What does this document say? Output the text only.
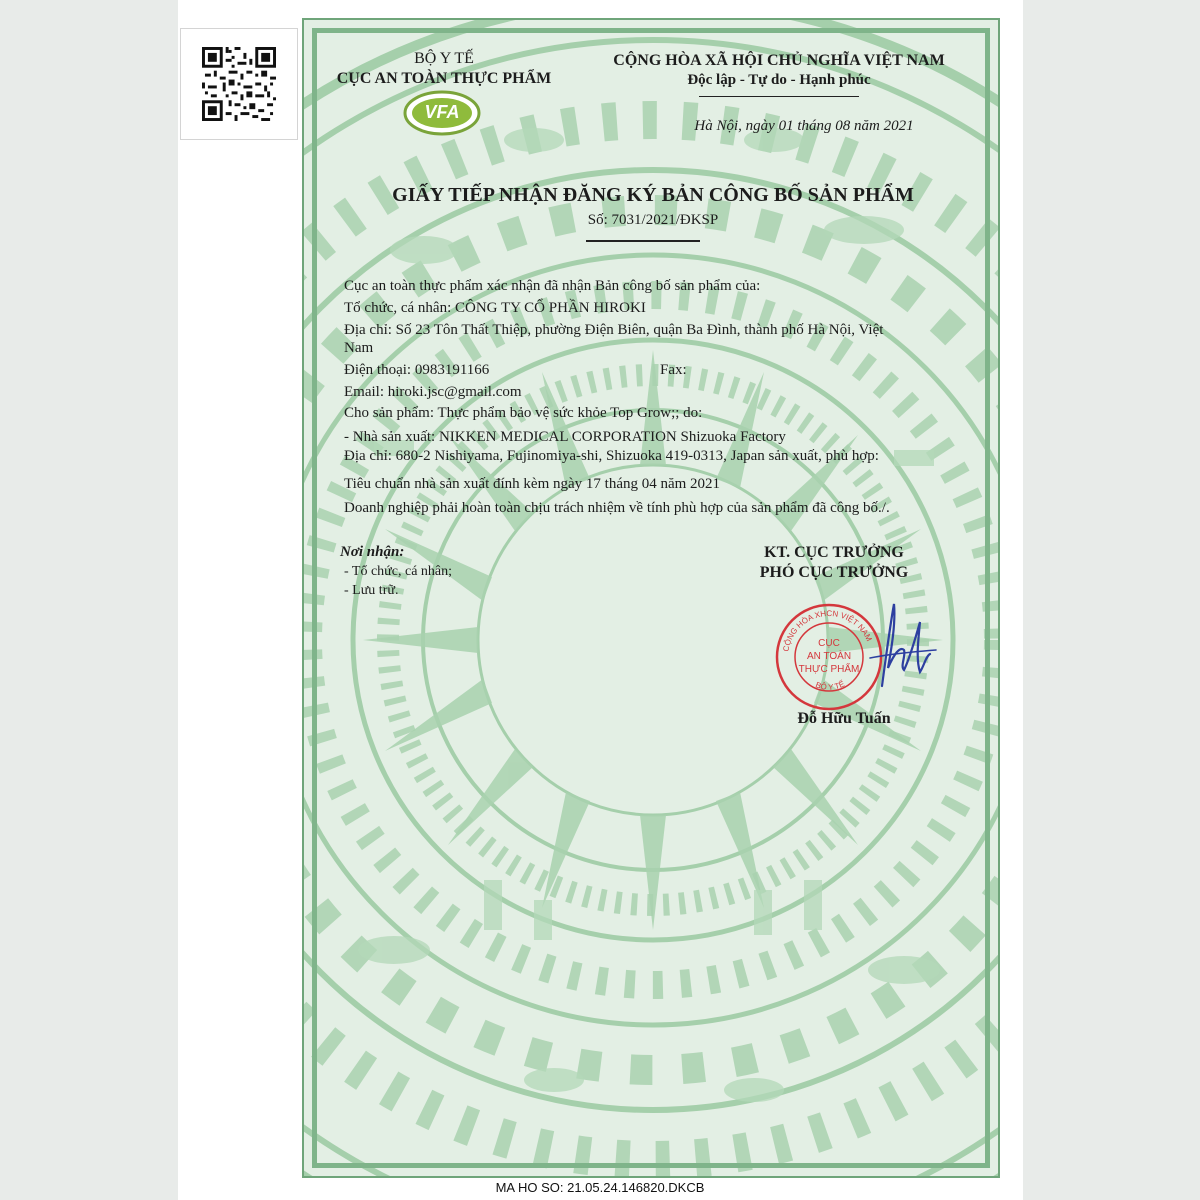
BỘ Y TẾ
CỤC AN TOÀN THỰC PHẨM
VFA
CỘNG HÒA XÃ HỘI CHỦ NGHĨA VIỆT NAM
Độc lập - Tự do - Hạnh phúc
Hà Nội, ngày 01 tháng 08 năm 2021
GIẤY TIẾP NHẬN ĐĂNG KÝ BẢN CÔNG BỐ SẢN PHẨM
Số: 7031/2021/ĐKSP
Cục an toàn thực phẩm xác nhận đã nhận Bản công bố sản phẩm của:
Tổ chức, cá nhân: CÔNG TY CỔ PHẦN HIROKI
Địa chỉ: Số 23 Tôn Thất Thiệp, phường Điện Biên, quận Ba Đình, thành phố Hà Nội, Việt
Nam
Điện thoại: 0983191166	Fax:
Email: hiroki.jsc@gmail.com
Cho sản phẩm: Thực phẩm bảo vệ sức khỏe Top Grow;; do:
- Nhà sản xuất: NIKKEN MEDICAL CORPORATION Shizuoka Factory
Địa chỉ: 680-2 Nishiyama, Fujinomiya-shi, Shizuoka 419-0313, Japan sản xuất, phù hợp:
Tiêu chuẩn nhà sản xuất đính kèm ngày 17 tháng 04 năm 2021
Doanh nghiệp phải hoàn toàn chịu trách nhiệm về tính phù hợp của sản phẩm đã công bố./.
Nơi nhận:
- Tổ chức, cá nhân;
- Lưu trữ.
KT. CỤC TRƯỞNG
PHÓ CỤC TRƯỞNG
CỘNG HÒA XHCN VIỆT NAM
BỘ Y TẾ
CỤC
AN TOÀN
THỰC PHẨM
Đỗ Hữu Tuấn
MA HO SO: 21.05.24.146820.DKCB
